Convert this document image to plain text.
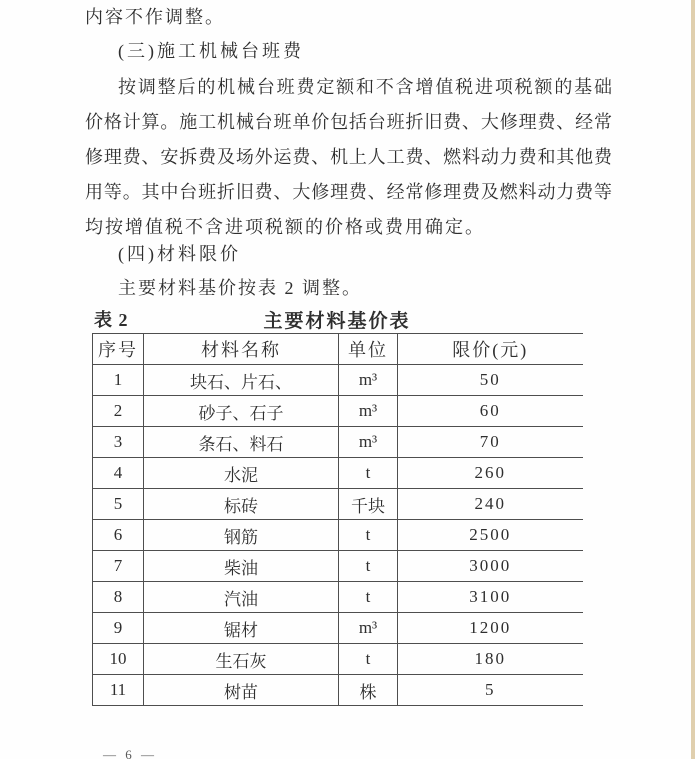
内容不作调整。
(三)施工机械台班费
按调整后的机械台班费定额和不含增值税进项税额的基础
价格计算。施工机械台班单价包括台班折旧费、大修理费、经常
修理费、安拆费及场外运费、机上人工费、燃料动力费和其他费
用等。其中台班折旧费、大修理费、经常修理费及燃料动力费等
均按增值税不含进项税额的价格或费用确定。
(四)材料限价
主要材料基价按表 2 调整。
表 2	主要材料基价表
序号	材料名称	单位	限价(元)
1	块石、片石、	m³	50
2	砂子、石子	m³	60
3	条石、料石	m³	70
4	水泥	t	260
5	标砖	千块	240
6	钢筋	t	2500
7	柴油	t	3000
8	汽油	t	3100
9	锯材	m³	1200
10	生石灰	t	180
11	树苗	株	5
— 6 —
